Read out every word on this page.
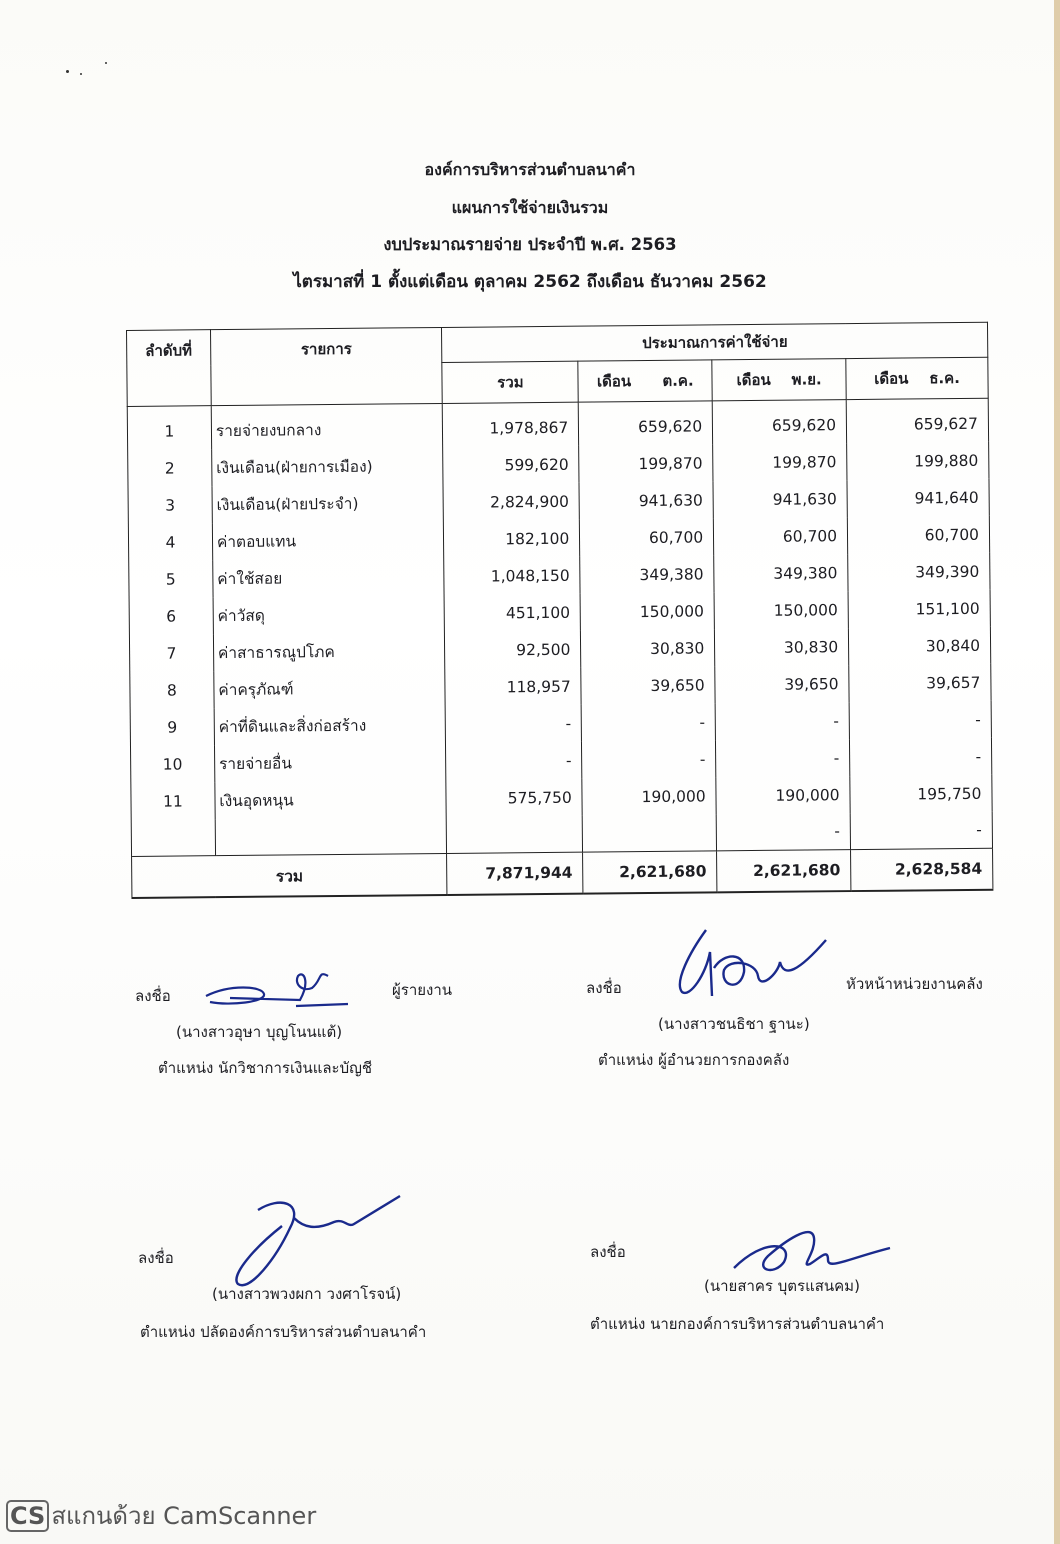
องค์การบริหารส่วนตำบลนาคำ
แผนการใช้จ่ายเงินรวม
งบประมาณรายจ่าย ประจำปี พ.ศ. 2563
ไตรมาสที่ 1 ตั้งแต่เดือน ตุลาคม 2562 ถึงเดือน ธันวาคม 2562
ลำดับที่	รายการ	ประมาณการค่าใช้จ่าย			
		รวม	เดือน      ต.ค.	เดือน    พ.ย.	เดือน    ธ.ค.
1	รายจ่ายงบกลาง	1,978,867	659,620	659,620	659,627
2	เงินเดือน(ฝ่ายการเมือง)	599,620	199,870	199,870	199,880
3	เงินเดือน(ฝ่ายประจำ)	2,824,900	941,630	941,630	941,640
4	ค่าตอบแทน	182,100	60,700	60,700	60,700
5	ค่าใช้สอย	1,048,150	349,380	349,380	349,390
6	ค่าวัสดุ	451,100	150,000	150,000	151,100
7	ค่าสาธารณูปโภค	92,500	30,830	30,830	30,840
8	ค่าครุภัณฑ์	118,957	39,650	39,650	39,657
9	ค่าที่ดินและสิ่งก่อสร้าง	-	-	-	-
10	รายจ่ายอื่น	-	-	-	-
11	เงินอุดหนุน	575,750	190,000	190,000	195,750
				-	-
รวม		7,871,944	2,621,680	2,621,680	2,628,584
ลงชื่อ	ผู้รายงาน
(นางสาวอุษา บุญโนนแต้)
ตำแหน่ง นักวิชาการเงินและบัญชี
ลงชื่อ	หัวหน้าหน่วยงานคลัง
(นางสาวชนธิชา ฐานะ)
ตำแหน่ง ผู้อำนวยการกองคลัง
ลงชื่อ
(นางสาวพวงผกา วงศาโรจน์)
ตำแหน่ง ปลัดองค์การบริหารส่วนตำบลนาคำ
ลงชื่อ
(นายสาคร บุตรแสนคม)
ตำแหน่ง นายกองค์การบริหารส่วนตำบลนาคำ
CS สแกนด้วย CamScanner
